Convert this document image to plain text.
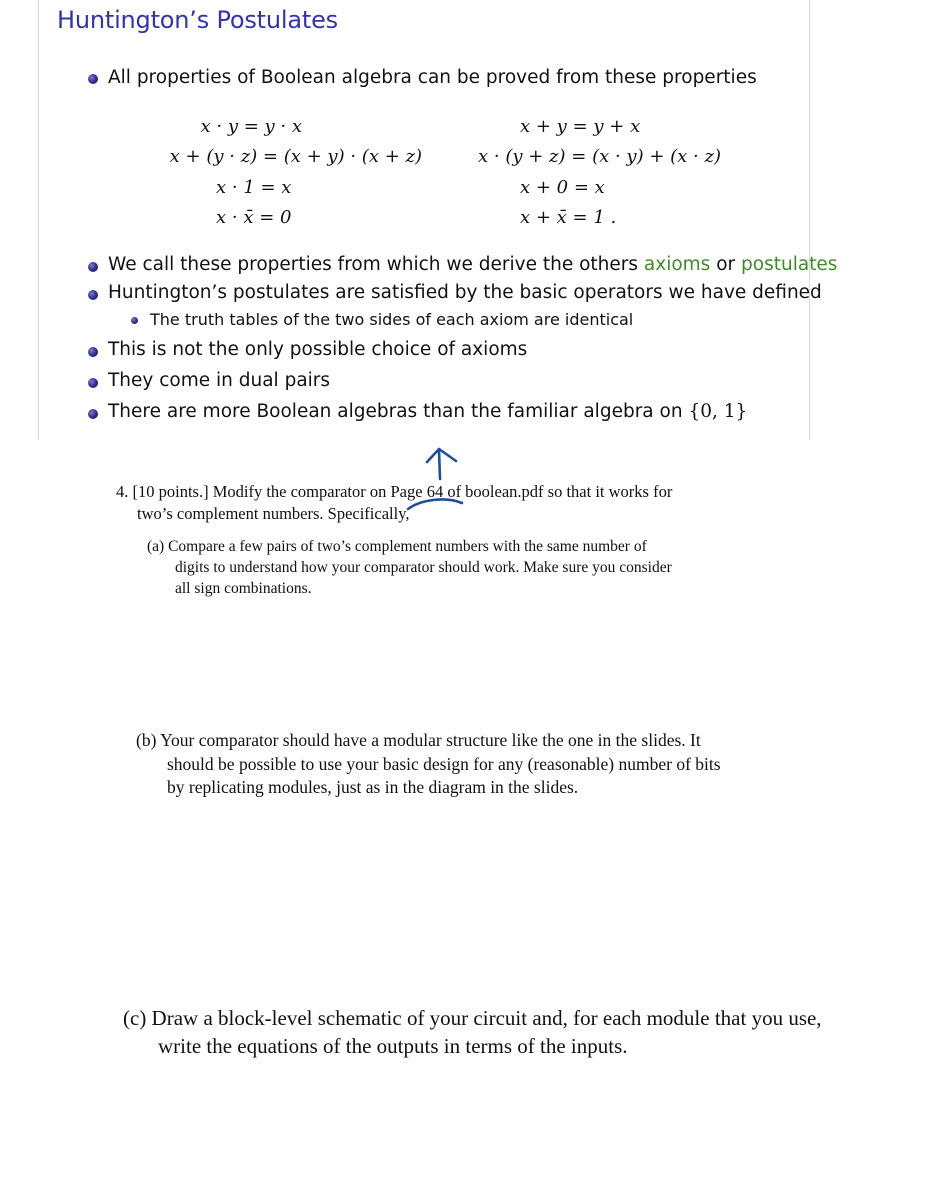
Huntington’s Postulates
All properties of Boolean algebra can be proved from these properties
x · y = y · x
x + (y · z) = (x + y) · (x + z)
x · 1 = x
x · x̄ = 0
x + y = y + x
x · (y + z) = (x · y) + (x · z)
x + 0 = x
x + x̄ = 1 .
We call these properties from which we derive the others axioms or postulates
Huntington’s postulates are satisfied by the basic operators we have defined
The truth tables of the two sides of each axiom are identical
This is not the only possible choice of axioms
They come in dual pairs
There are more Boolean algebras than the familiar algebra on {0, 1}
4. [10 points.] Modify the comparator on Page 64 of boolean.pdf so that it works for
two’s complement numbers. Specifically,
(a) Compare a few pairs of two’s complement numbers with the same number of
digits to understand how your comparator should work. Make sure you consider
all sign combinations.
(b) Your comparator should have a modular structure like the one in the slides. It
should be possible to use your basic design for any (reasonable) number of bits
by replicating modules, just as in the diagram in the slides.
(c) Draw a block-level schematic of your circuit and, for each module that you use,
write the equations of the outputs in terms of the inputs.
